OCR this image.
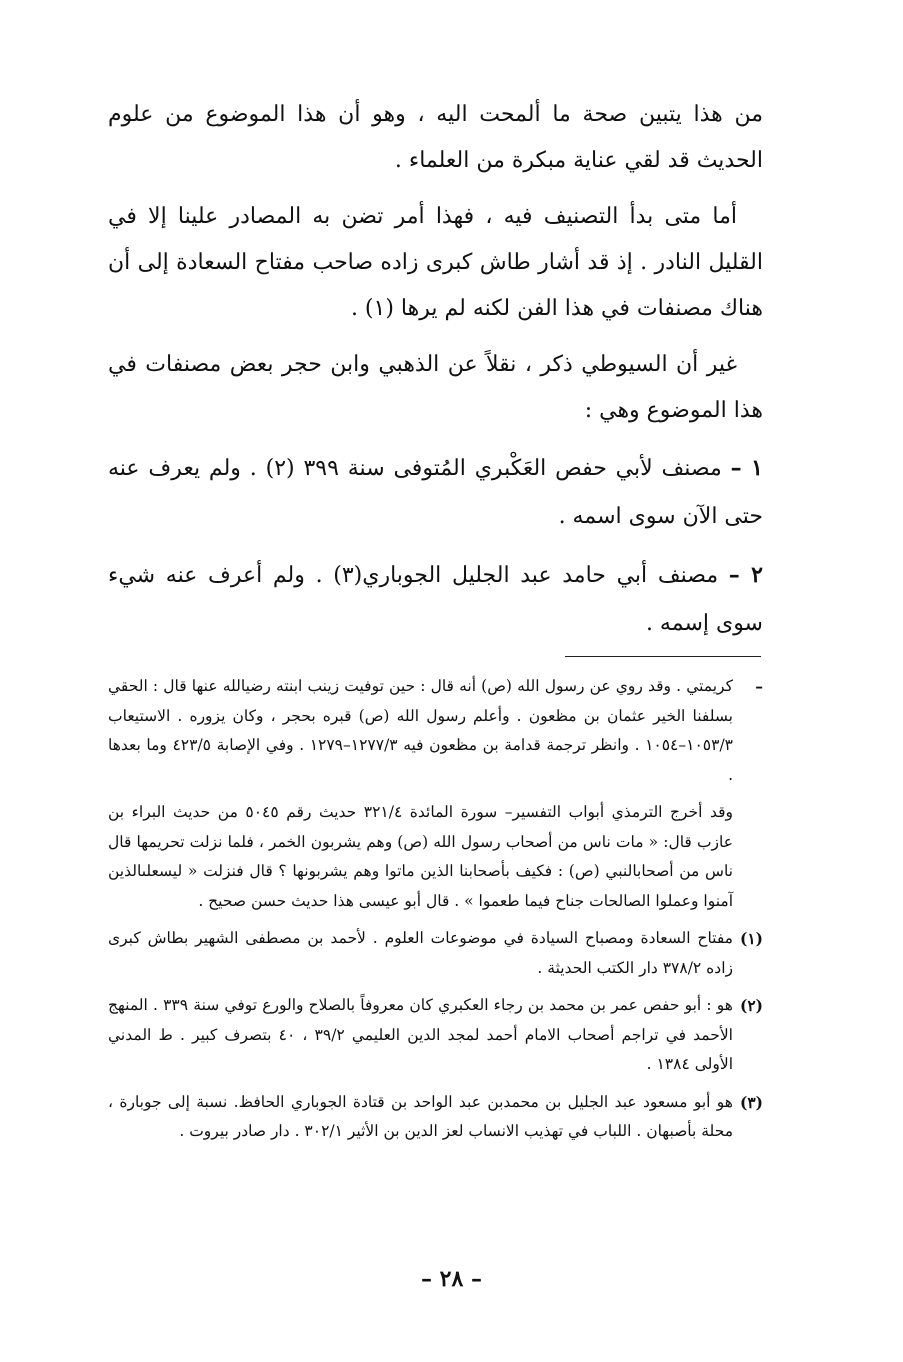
من هذا يتبين صحة ما ألمحت اليه ، وهو أن هذا الموضوع من علوم الحديث قد لقي عناية مبكرة من العلماء .

أما متى بدأ التصنيف فيه ، فهذا أمر تضن به المصادر علينا إلا في القليل النادر . إذ قد أشار طاش كبرى زاده صاحب مفتاح السعادة إلى أن هناك مصنفات في هذا الفن لكنه لم يرها (١) .

غير أن السيوطي ذكر ، نقلاً عن الذهبي وابن حجر بعض مصنفات في هذا الموضوع وهي :

١ – مصنف لأبي حفص العَكْبري المُتوفى سنة ٣٩٩ (٢) . ولم يعرف عنه حتى الآن سوى اسمه .
٢ – مصنف أبي حامد عبد الجليل الجوباري(٣) . ولم أعرف عنه شيء سوى إسمه .
–
كريمتي . وقد روي عن رسول الله (ص) أنه قال : حين توفيت زينب ابنته رضيالله عنها قال : الحقي بسلفنا الخير عثمان بن مظعون . وأعلم رسول الله (ص) قبره بحجر ، وكان يزوره . الاستيعاب ١٠٥٣/٣–١٠٥٤ . وانظر ترجمة قدامة بن مظعون فيه ١٢٧٧/٣–١٢٧٩ . وفي الإصابة ٤٢٣/٥ وما بعدها .
وقد أخرج الترمذي أبواب التفسير– سورة المائدة ٣٢١/٤ حديث رقم ٥٠٤٥ من حديث البراء بن عازب قال: « مات ناس من أصحاب رسول الله (ص) وهم يشربون الخمر ، فلما نزلت تحريمها قال ناس من أصحابالنبي (ص) : فكيف بأصحابنا الذين ماتوا وهم يشربونها ؟ قال فنزلت « ليسعلىالذين آمنوا وعملوا الصالحات جناح فيما طعموا » . قال أبو عيسى هذا حديث حسن صحيح .
(١)
مفتاح السعادة ومصباح السيادة في موضوعات العلوم . لأحمد بن مصطفى الشهير بطاش كبرى زاده ٣٧٨/٢ دار الكتب الحديثة .
(٢)
هو : أبو حفص عمر بن محمد بن رجاء العكبري كان معروفاً بالصلاح والورع توفي سنة ٣٣٩ . المنهج الأحمد في تراجم أصحاب الامام أحمد لمجد الدين العليمي ٣٩/٢ ، ٤٠ بتصرف كبير . ط المدني الأولى ١٣٨٤ .
(٣)
هو أبو مسعود عبد الجليل بن محمدبن عبد الواحد بن قتادة الجوباري الحافظ. نسبة إلى جوبارة ، محلة بأصبهان . اللباب في تهذيب الانساب لعز الدين بن الأثير ٣٠٢/١ . دار صادر بيروت .
– ٢٨ –
